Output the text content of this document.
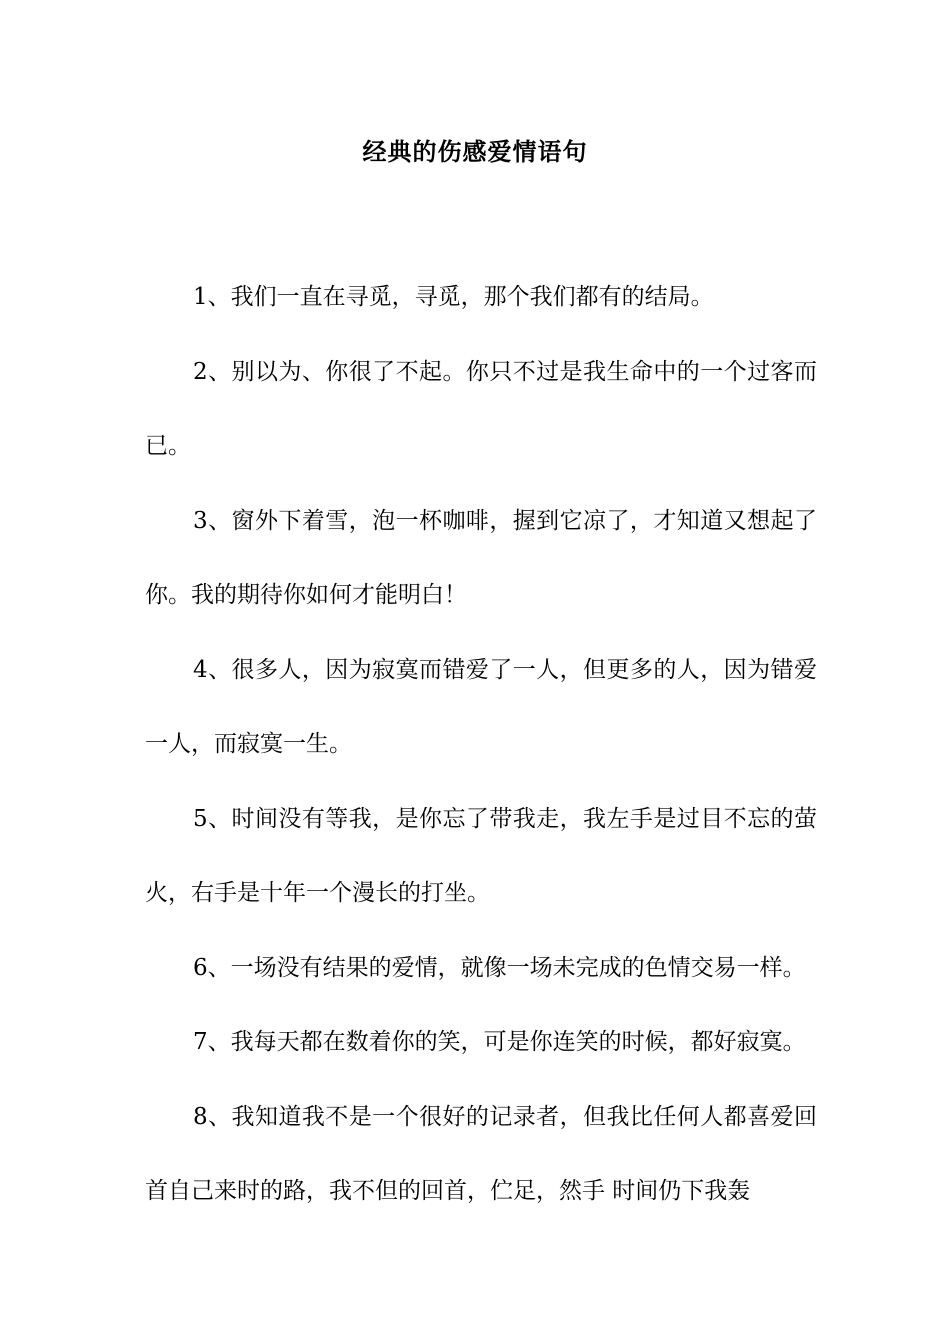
经典的伤感爱情语句

1、我们一直在寻觅，寻觅，那个我们都有的结局。

2、别以为、你很了不起。你只不过是我生命中的一个过客而已。

3、窗外下着雪，泡一杯咖啡，握到它凉了，才知道又想起了你。我的期待你如何才能明白！

4、很多人，因为寂寞而错爱了一人，但更多的人，因为错爱一人，而寂寞一生。

5、时间没有等我，是你忘了带我走，我左手是过目不忘的萤火，右手是十年一个漫长的打坐。

6、一场没有结果的爱情，就像一场未完成的色情交易一样。

7、我每天都在数着你的笑，可是你连笑的时候，都好寂寞。

8、我知道我不是一个很好的记录者，但我比任何人都喜爱回首自己来时的路，我不但的回首，伫足，然手 时间仍下我轰
